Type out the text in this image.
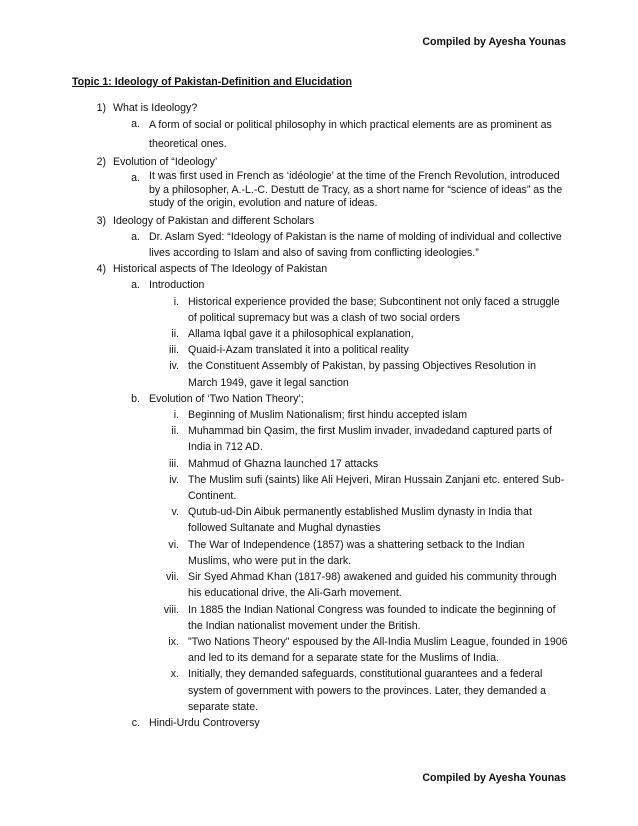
Compiled by Ayesha Younas
Topic 1: Ideology of Pakistan-Definition and Elucidation
1) What is Ideology?
a. A form of social or political philosophy in which practical elements are as prominent as theoretical ones.
2) Evolution of “Ideology’
a. It was first used in French as ‘idéologie’ at the time of the French Revolution, introduced by a philosopher, A.-L.-C. Destutt de Tracy, as a short name for “science of ideas” as the study of the origin, evolution and nature of ideas.
3) Ideology of Pakistan and different Scholars
a. Dr. Aslam Syed: “Ideology of Pakistan is the name of molding of individual and collective lives according to Islam and also of saving from conflicting ideologies.”
4) Historical aspects of The Ideology of Pakistan
a. Introduction
i. Historical experience provided the base; Subcontinent not only faced a struggle of political supremacy but was a clash of two social orders
ii. Allama Iqbal gave it a philosophical explanation,
iii. Quaid-i-Azam translated it into a political reality
iv. the Constituent Assembly of Pakistan, by passing Objectives Resolution in March 1949, gave it legal sanction
b. Evolution of ‘Two Nation Theory’;
i. Beginning of Muslim Nationalism; first hindu accepted islam
ii. Muhammad bin Qasim, the first Muslim invader, invadedand captured parts of India in 712 AD.
iii. Mahmud of Ghazna launched 17 attacks
iv. The Muslim sufi (saints) like Ali Hejveri, Miran Hussain Zanjani etc. entered Sub-Continent.
v. Qutub-ud-Din Aibuk permanently established Muslim dynasty in India that followed Sultanate and Mughal dynasties
vi. The War of Independence (1857) was a shattering setback to the Indian Muslims, who were put in the dark.
vii. Sir Syed Ahmad Khan (1817-98) awakened and guided his community through his educational drive, the Ali-Garh movement.
viii. In 1885 the Indian National Congress was founded to indicate the beginning of the Indian nationalist movement under the British.
ix. "Two Nations Theory" espoused by the All-India Muslim League, founded in 1906 and led to its demand for a separate state for the Muslims of India.
x. Initially, they demanded safeguards, constitutional guarantees and a federal system of government with powers to the provinces. Later, they demanded a separate state.
c. Hindi-Urdu Controversy
Compiled by Ayesha Younas
